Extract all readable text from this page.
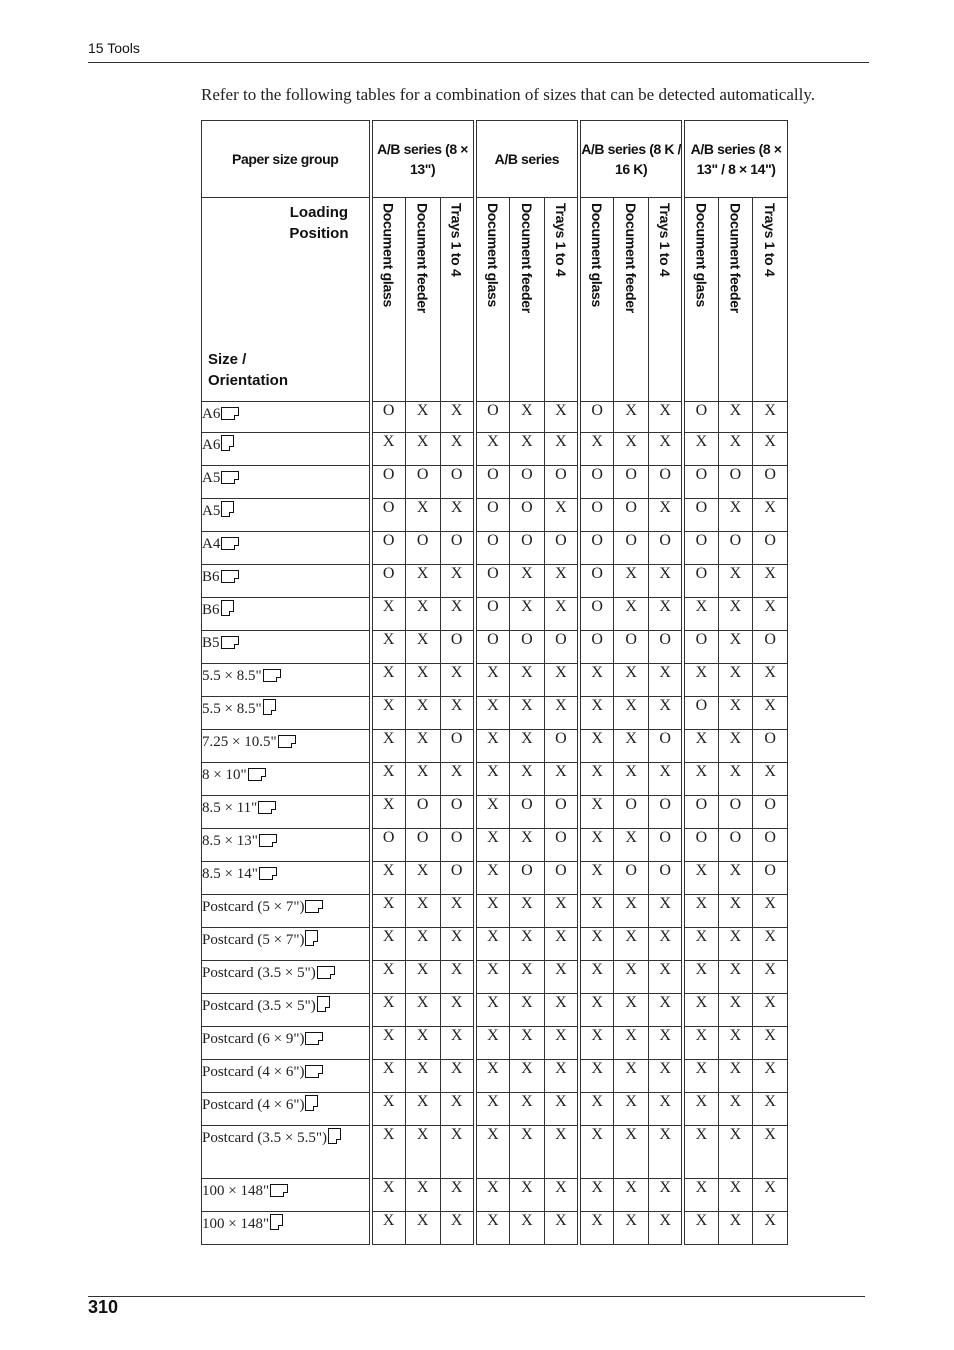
15 Tools
Refer to the following tables for a combination of sizes that can be detected automatically.
Paper size group	A/B series (8 × 13")			A/B series			A/B series (8 K / 16 K)			A/B series (8 × 13" / 8 × 14")		

Loading
Position
Size /
Orientation	Document glass	Document feeder	Trays 1 to 4	Document glass	Document feeder	Trays 1 to 4	Document glass	Document feeder	Trays 1 to 4	Document glass	Document feeder	Trays 1 to 4

A6	O	X	X	O	X	X	O	X	X	O	X	X
A6	X	X	X	X	X	X	X	X	X	X	X	X
A5	O	O	O	O	O	O	O	O	O	O	O	O
A5	O	X	X	O	O	X	O	O	X	O	X	X
A4	O	O	O	O	O	O	O	O	O	O	O	O
B6	O	X	X	O	X	X	O	X	X	O	X	X
B6	X	X	X	O	X	X	O	X	X	X	X	X
B5	X	X	O	O	O	O	O	O	O	O	X	O
5.5 × 8.5"	X	X	X	X	X	X	X	X	X	X	X	X
5.5 × 8.5"	X	X	X	X	X	X	X	X	X	O	X	X
7.25 × 10.5"	X	X	O	X	X	O	X	X	O	X	X	O
8 × 10"	X	X	X	X	X	X	X	X	X	X	X	X
8.5 × 11"	X	O	O	X	O	O	X	O	O	O	O	O
8.5 × 13"	O	O	O	X	X	O	X	X	O	O	O	O
8.5 × 14"	X	X	O	X	O	O	X	O	O	X	X	O
Postcard (5 × 7")	X	X	X	X	X	X	X	X	X	X	X	X
Postcard (5 × 7")	X	X	X	X	X	X	X	X	X	X	X	X
Postcard (3.5 × 5")	X	X	X	X	X	X	X	X	X	X	X	X
Postcard (3.5 × 5")	X	X	X	X	X	X	X	X	X	X	X	X
Postcard (6 × 9")	X	X	X	X	X	X	X	X	X	X	X	X
Postcard (4 × 6")	X	X	X	X	X	X	X	X	X	X	X	X
Postcard (4 × 6")	X	X	X	X	X	X	X	X	X	X	X	X
Postcard (3.5 × 5.5")	X	X	X	X	X	X	X	X	X	X	X	X
100 × 148"	X	X	X	X	X	X	X	X	X	X	X	X
100 × 148"	X	X	X	X	X	X	X	X	X	X	X	X
310
